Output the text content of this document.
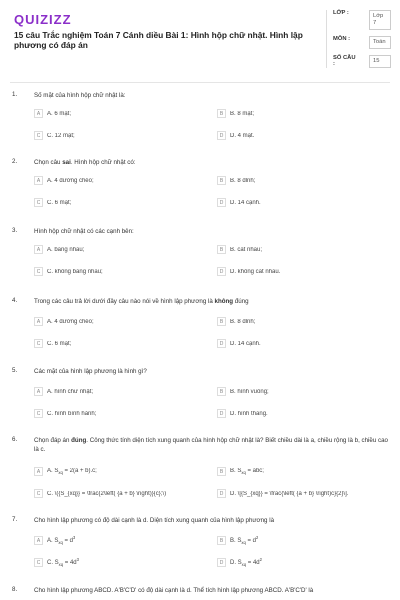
QUIZIZZ
15 câu Trắc nghiệm Toán 7 Cánh diều Bài 1: Hình hộp chữ nhật. Hình lập phương có đáp án
LỚP :	Lớp 7
MÔN :	Toán
SỐ CÂU :	15
1.	Số mặt của hình hộp chữ nhật là:
A	A. 6 mặt;	B	B. 8 mặt;
C	C. 12 mặt;	D	D. 4 mặt.
2.	Chọn câu sai. Hình hộp chữ nhật có:
A	A. 4 đường chéo;	B	B. 8 đỉnh;
C	C. 6 mặt;	D	D. 14 cạnh.
3.	Hình hộp chữ nhật có các cạnh bên:
A	A. bằng nhau;	B	B. cắt nhau;
C	C. không bằng nhau;	D	D. không cắt nhau.
4.	Trong các câu trả lời dưới đây câu nào nói về hình lập phương là không đúng
A	A. 4 đường chéo;	B	B. 8 đỉnh;
C	C. 6 mặt;	D	D. 14 cạnh.
5.	Các mặt của hình lập phương là hình gì?
A	A. hình chữ nhật;	B	B. hình vuông;
C	C. hình bình hành;	D	D. hình thang.
6.	Chọn đáp án đúng. Công thức tính diện tích xung quanh của hình hộp chữ nhật là? Biết chiều dài là a, chiều rộng là b, chiều cao là c.
A	A. $S_{xq} = 2(a + b).c$;	B	B. $S_{xq}$ = abc;
C	C. \({S_{xq}} = \frac{2\left( {a + b} \right)}{c};\)	D	D. \[{S_{xq}} = \frac{\left( {a + b} \right)c}{2}\].
7.	Cho hình lập phương có độ dài cạnh là d. Diện tích xung quanh của hình lập phương là
A	A. $S_{xq} = d^3$	B	B. $S_{xq} = d^2$
C	C. $S_{xq} = 4d^3$	D	D. $S_{xq} = 4d^2$
8.	Cho hình lập phương ABCD. A'B'C'D' có độ dài cạnh là d. Thể tích hình lập phương ABCD. A'B'C'D' là
